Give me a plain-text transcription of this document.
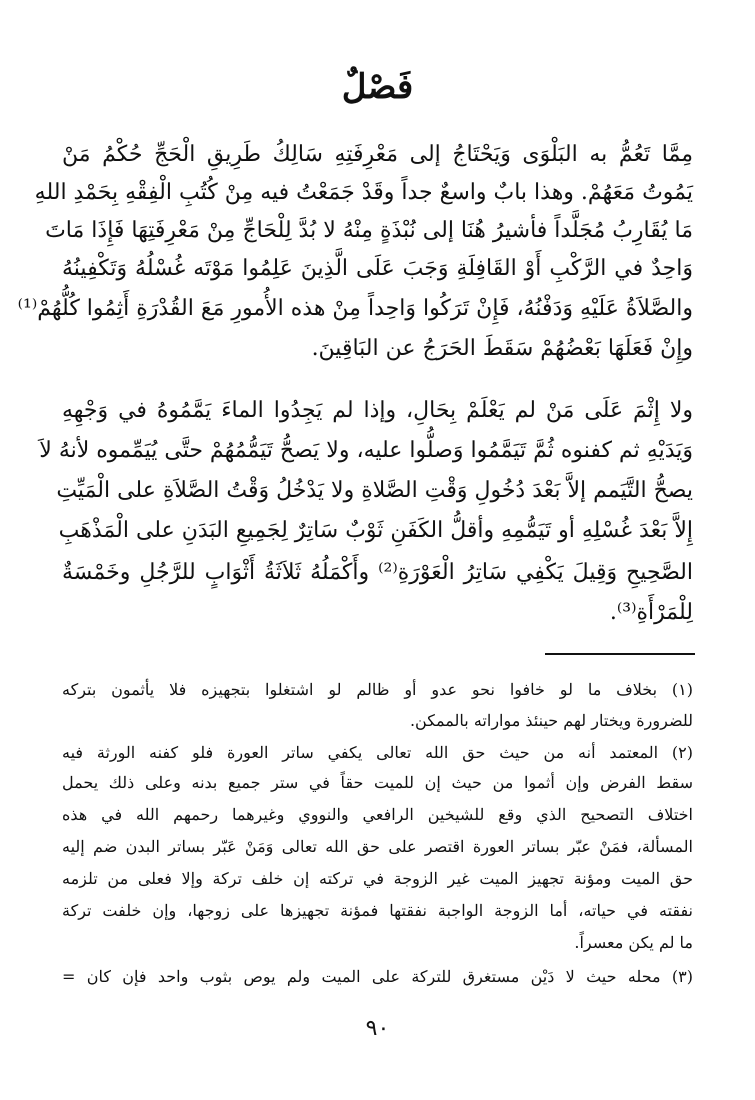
فَصْلٌ
مِمَّا تَعُمُّ به البَلْوَى وَيَحْتَاجُ إلى مَعْرِفَتِهِ سَالِكُ طَرِيقِ الْحَجِّ حُكْمُ مَنْ
يَمُوتُ مَعَهُمْ. وهذا بابٌ واسعٌ جداً وقَدْ جَمَعْتُ فيه مِنْ كُتُبِ الْفِقْهِ بِحَمْدِ اللهِ
مَا يُقَارِبُ مُجَلَّداً فأشيرُ هُنَا إلى نُبْذَةٍ مِنْهُ لا بُدَّ لِلْحَاجِّ مِنْ مَعْرِفَتِهَا فَإِذَا مَاتَ
وَاحِدٌ في الرَّكْبِ أَوْ القَافِلَةِ وَجَبَ عَلَى الَّذِينَ عَلِمُوا مَوْتَه غُسْلُهُ وَتَكْفِينُهُ
والصَّلاَةُ عَلَيْهِ وَدَفْنُهُ، فَإِنْ تَرَكُوا وَاحِداً مِنْ هذه الأُمورِ مَعَ القُدْرَةِ أَثِمُوا كُلُّهُمْ⁽¹⁾
وإِنْ فَعَلَهَا بَعْضُهُمْ سَقَطَ الحَرَجُ عن البَاقِينَ.
ولا إِثْمَ عَلَى مَنْ لم يَعْلَمْ بِحَالِ، وإذا لم يَجِدُوا الماءَ يَمَّمُوهُ في وَجْهِهِ
وَيَدَيْهِ ثم كفنوه ثُمَّ تَيَمَّمُوا وَصلُّوا عليه، ولا يَصحُّ تَيَمُّمُهُمْ حتَّى يُيَمِّموه لأنهُ لاَ
يصحُّ التَّيَمم إلاَّ بَعْدَ دُخُولِ وَقْتِ الصَّلاةِ ولا يَدْخُلُ وَقْتُ الصَّلاَةِ على الْمَيِّتِ
إِلاَّ بَعْدَ غُسْلِهِ أو تَيَمُّمِهِ وأقلُّ الكَفَنِ ثَوْبٌ سَاتِرٌ لِجَمِيعِ البَدَنِ على الْمَذْهَبِ
الصَّحِيحِ وَقِيلَ يَكْفِي سَاتِرُ الْعَوْرَةِ⁽²⁾ وأَكْمَلُهُ ثَلاَثَةُ أَثْوَابٍ للرَّجُلِ وخَمْسَةٌ
لِلْمَرْأَةِ⁽³⁾.
(١) بخلاف ما لو خافوا نحو عدو أو ظالم لو اشتغلوا بتجهيزه فلا يأثمون بتركه
للضرورة ويختار لهم حينئذ مواراته بالممكن.
(٢) المعتمد أنه من حيث حق الله تعالى يكفي ساتر العورة فلو كفنه الورثة فيه
سقط الفرض وإن أثموا من حيث إن للميت حقاً في ستر جميع بدنه وعلى ذلك يحمل
اختلاف التصحيح الذي وقع للشيخين الرافعي والنووي وغيرهما رحمهم الله في هذه
المسألة، فمَنْ عبّر بساتر العورة اقتصر على حق الله تعالى وَمَنْ عَبّر بساتر البدن ضم إليه
حق الميت ومؤنة تجهيز الميت غير الزوجة في تركته إن خلف تركة وإلا فعلى من تلزمه
نفقته في حياته، أما الزوجة الواجبة نفقتها فمؤنة تجهيزها على زوجها، وإن خلفت تركة
ما لم يكن معسراً.
(٣) محله حيث لا دَيْن مستغرق للتركة على الميت ولم يوص بثوب واحد فإن كان =
٩٠
